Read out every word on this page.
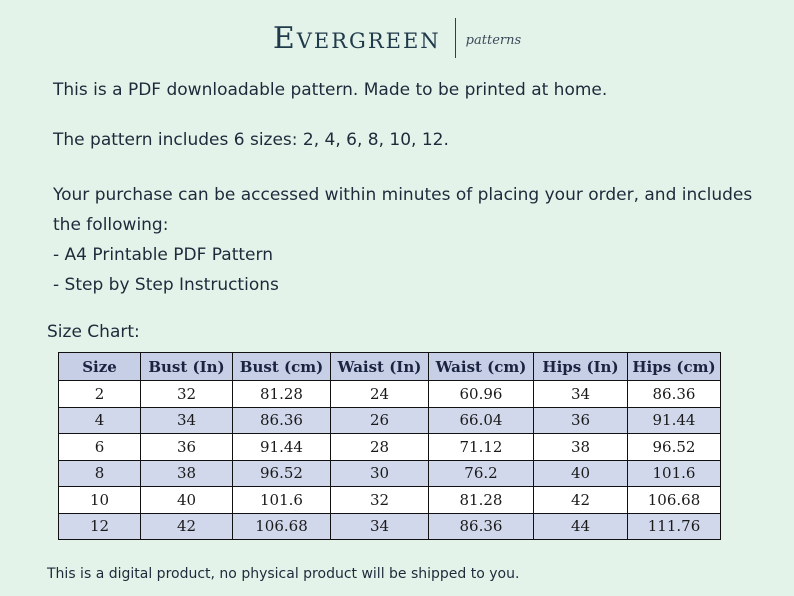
Evergreen patterns
This is a PDF downloadable pattern. Made to be printed at home.
The pattern includes 6 sizes: 2, 4, 6, 8, 10, 12.
Your purchase can be accessed within minutes of placing your order, and includes
the following:
- A4 Printable PDF Pattern
- Step by Step Instructions
Size Chart:
Size	Bust (In)	Bust (cm)	Waist (In)	Waist (cm)	Hips (In)	Hips (cm)
2	32	81.28	24	60.96	34	86.36
4	34	86.36	26	66.04	36	91.44
6	36	91.44	28	71.12	38	96.52
8	38	96.52	30	76.2	40	101.6
10	40	101.6	32	81.28	42	106.68
12	42	106.68	34	86.36	44	111.76
This is a digital product, no physical product will be shipped to you.
